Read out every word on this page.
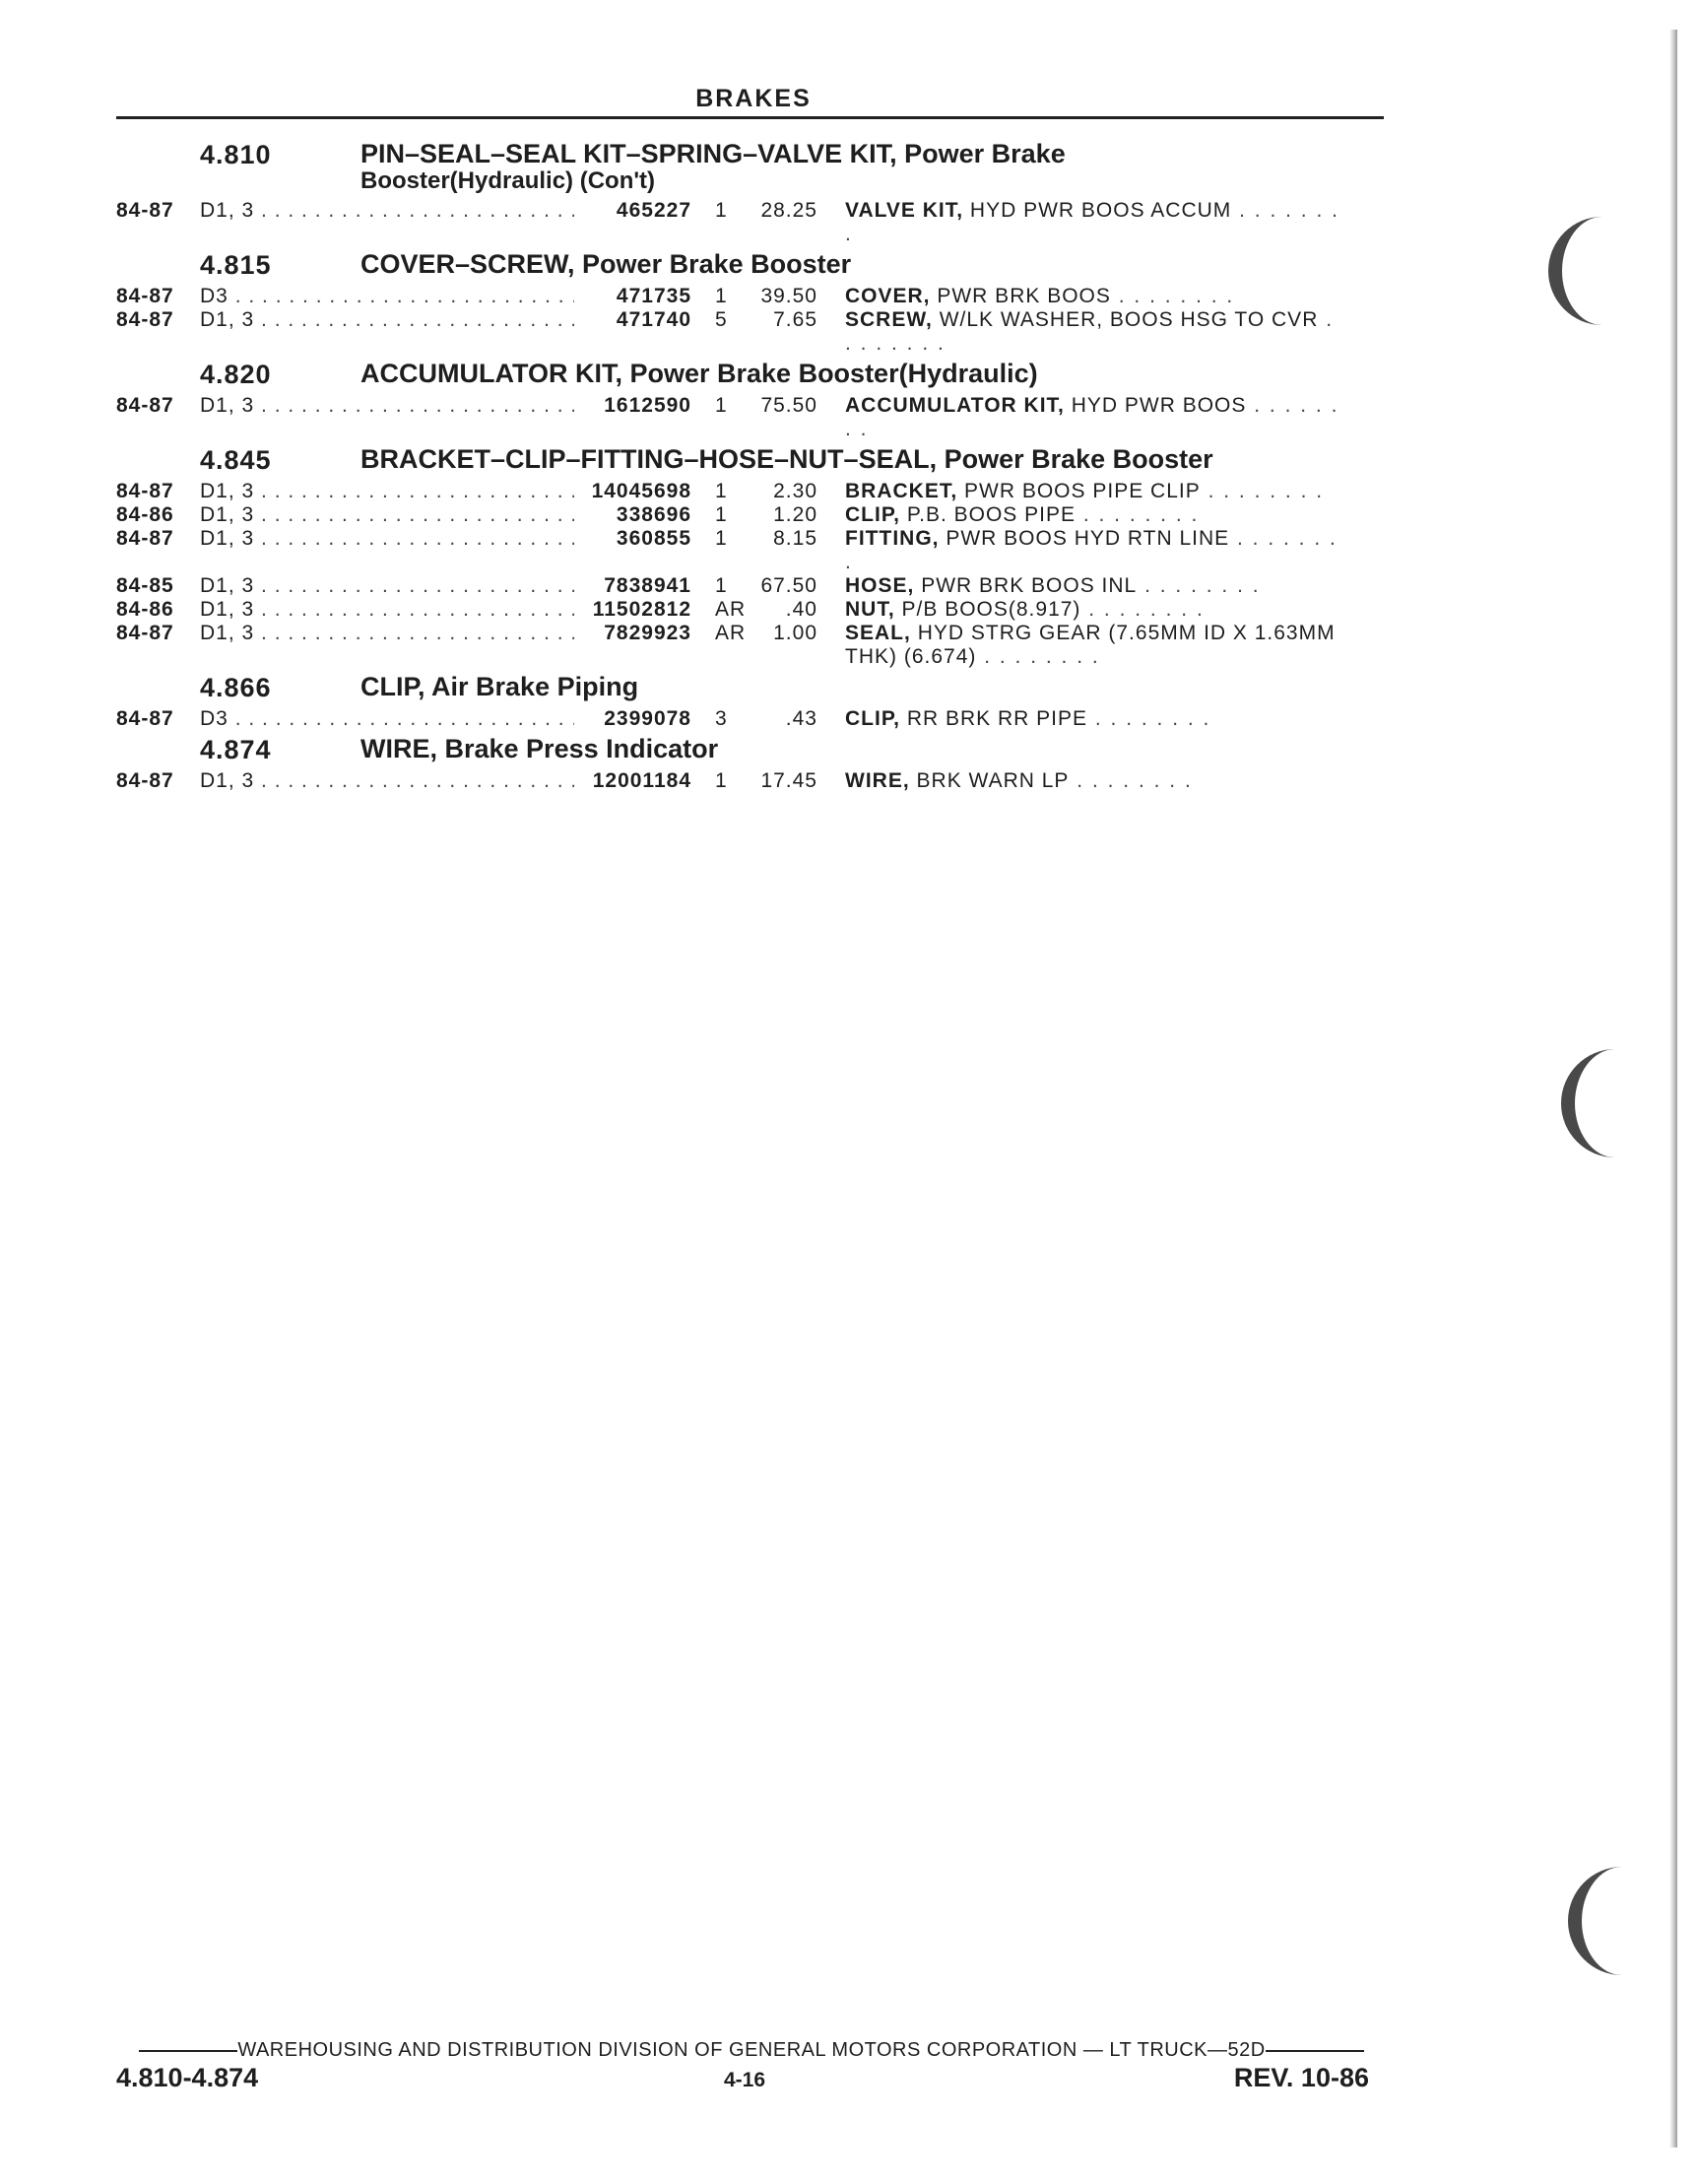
BRAKES
4.810	PIN–SEAL–SEAL KIT–SPRING–VALVE KIT, Power Brake
Booster(Hydraulic) (Con't)
84-87	D1, 3 . . .	465227	1	28.25	VALVE KIT, HYD PWR BOOS ACCUM . . . . . . . .
4.815	COVER–SCREW, Power Brake Booster
84-87	D3 . . .	471735	1	39.50	COVER, PWR BRK BOOS . . . . . . . .
84-87	D1, 3 . . .	471740	5	7.65	SCREW, W/LK WASHER, BOOS HSG TO CVR . . . . . . . .
4.820	ACCUMULATOR KIT, Power Brake Booster(Hydraulic)
84-87	D1, 3 . . .	1612590	1	75.50	ACCUMULATOR KIT, HYD PWR BOOS . . . . . . . .
4.845	BRACKET–CLIP–FITTING–HOSE–NUT–SEAL, Power Brake Booster
84-87	D1, 3 . . .	14045698	1	2.30	BRACKET, PWR BOOS PIPE CLIP . . . . . . . .
84-86	D1, 3 . . .	338696	1	1.20	CLIP, P.B. BOOS PIPE . . . . . . . .
84-87	D1, 3 . . .	360855	1	8.15	FITTING, PWR BOOS HYD RTN LINE . . . . . . . .
84-85	D1, 3 . . .	7838941	1	67.50	HOSE, PWR BRK BOOS INL . . . . . . . .
84-86	D1, 3 . . .	11502812	AR	.40	NUT, P/B BOOS(8.917) . . . . . . . .
84-87	D1, 3 . . .	7829923	AR	1.00	SEAL, HYD STRG GEAR (7.65MM ID X 1.63MM THK) (6.674) . . . . . . . .
4.866	CLIP, Air Brake Piping
84-87	D3 . . .	2399078	3	.43	CLIP, RR BRK RR PIPE . . . . . . . .
4.874	WIRE, Brake Press Indicator
84-87	D1, 3 . . .	12001184	1	17.45	WIRE, BRK WARN LP . . . . . . . .
WAREHOUSING AND DISTRIBUTION DIVISION OF GENERAL MOTORS CORPORATION — LT TRUCK—52D
4.810-4.874	4-16	REV. 10-86
